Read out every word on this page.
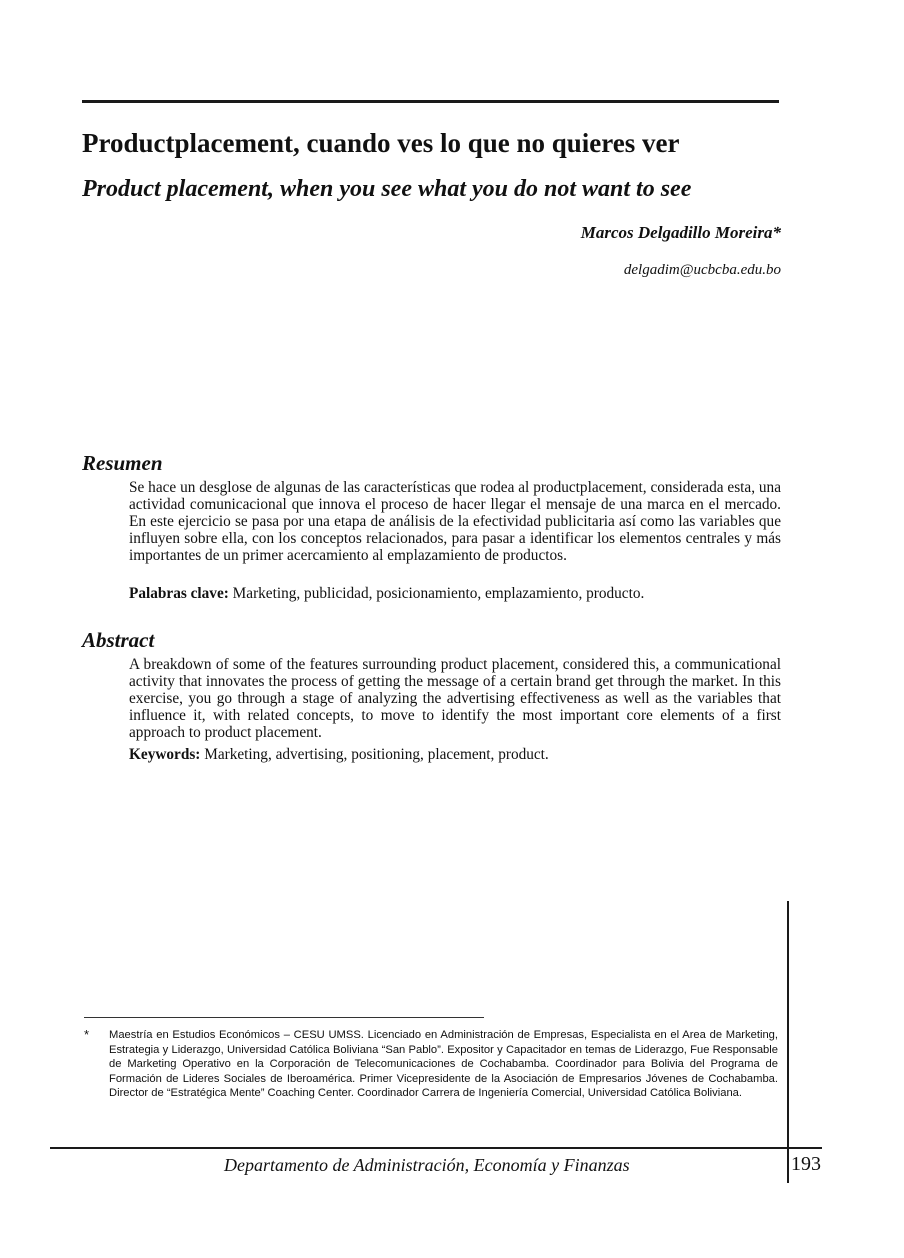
Productplacement, cuando ves lo que no quieres ver
Product placement, when you see what you do not want to see
Marcos Delgadillo Moreira*
delgadim@ucbcba.edu.bo
Resumen

Se hace un desglose de algunas de las características que rodea al productplacement, considerada esta, una actividad comunicacional que innova el proceso de hacer llegar el mensaje de una marca en el mercado. En este ejercicio se pasa por una etapa de análisis de la efectividad publicitaria así como las variables que influyen sobre ella, con los conceptos relacionados, para pasar a identificar los elementos centrales y más importantes de un primer acercamiento al emplazamiento de productos.

Palabras clave: Marketing, publicidad, posicionamiento, emplazamiento, producto.
Abstract

A breakdown of some of the features surrounding product placement, considered this, a communicational activity that innovates the process of getting the message of a certain brand get through the market. In this exercise, you go through a stage of analyzing the advertising effectiveness as well as the variables that influence it, with related concepts, to move to identify the most important core elements of a first approach to product placement.

Keywords: Marketing, advertising, positioning, placement, product.
* Maestría en Estudios Económicos – CESU UMSS. Licenciado en Administración de Empresas, Especialista en el Area de Marketing, Estrategia y Liderazgo, Universidad Católica Boliviana “San Pablo”. Expositor y Capacitador en temas de Liderazgo, Fue Responsable de Marketing Operativo en la Corporación de Telecomunicaciones de Cochabamba. Coordinador para Bolivia del Programa de Formación de Lideres Sociales de Iberoamérica. Primer Vicepresidente de la Asociación de Empresarios Jóvenes de Cochabamba. Director de “Estratégica Mente” Coaching Center. Coordinador Carrera de Ingeniería Comercial, Universidad Católica Boliviana.

Departamento de Administración, Economía y Finanzas	193
